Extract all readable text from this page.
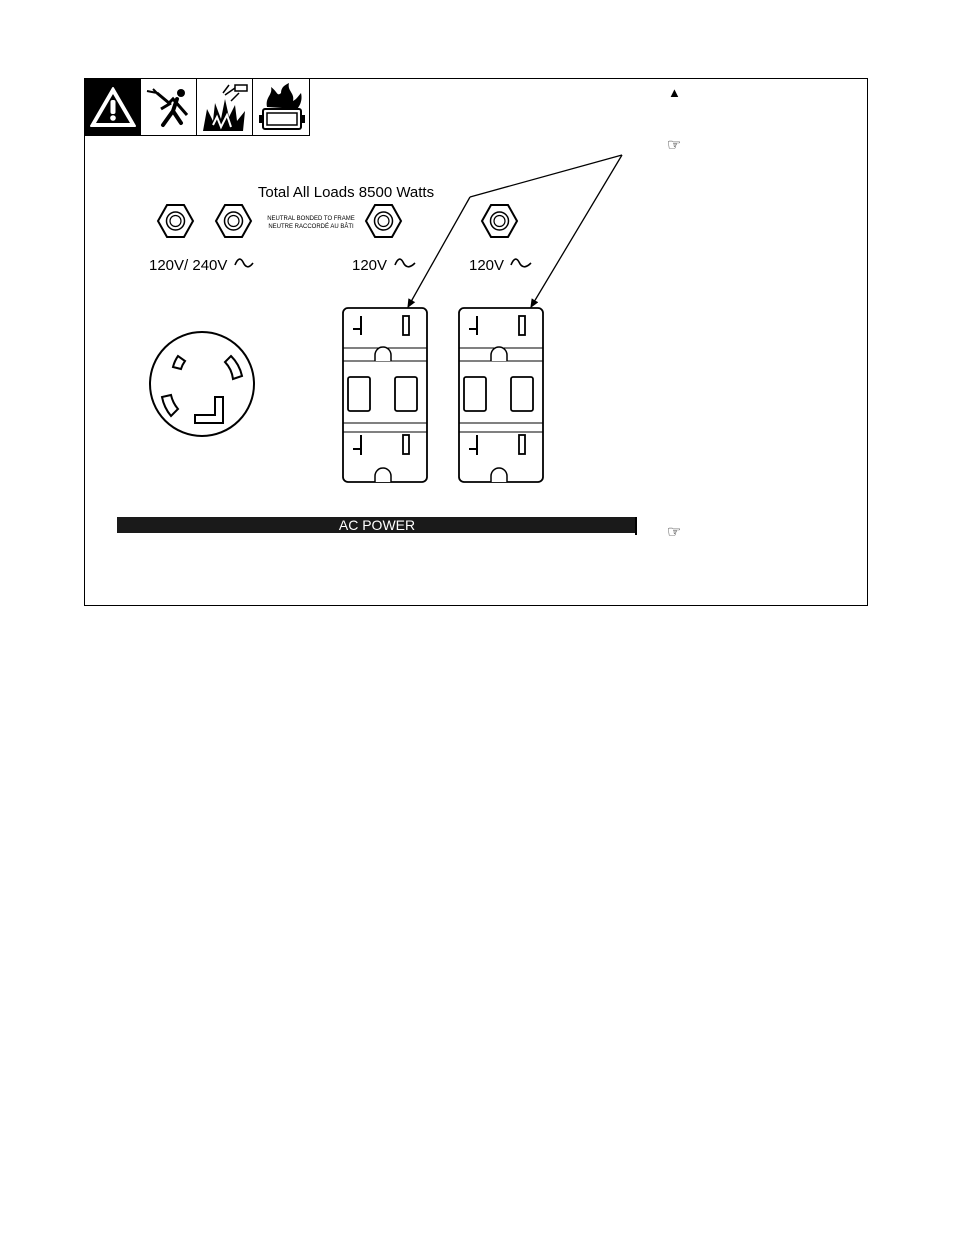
▲
☞
☞
Total All Loads 8500 Watts
NEUTRAL BONDED TO FRAME
NEUTRE RACCORDÉ AU BÂTI
120V/ 240V	120V	120V
AC POWER
